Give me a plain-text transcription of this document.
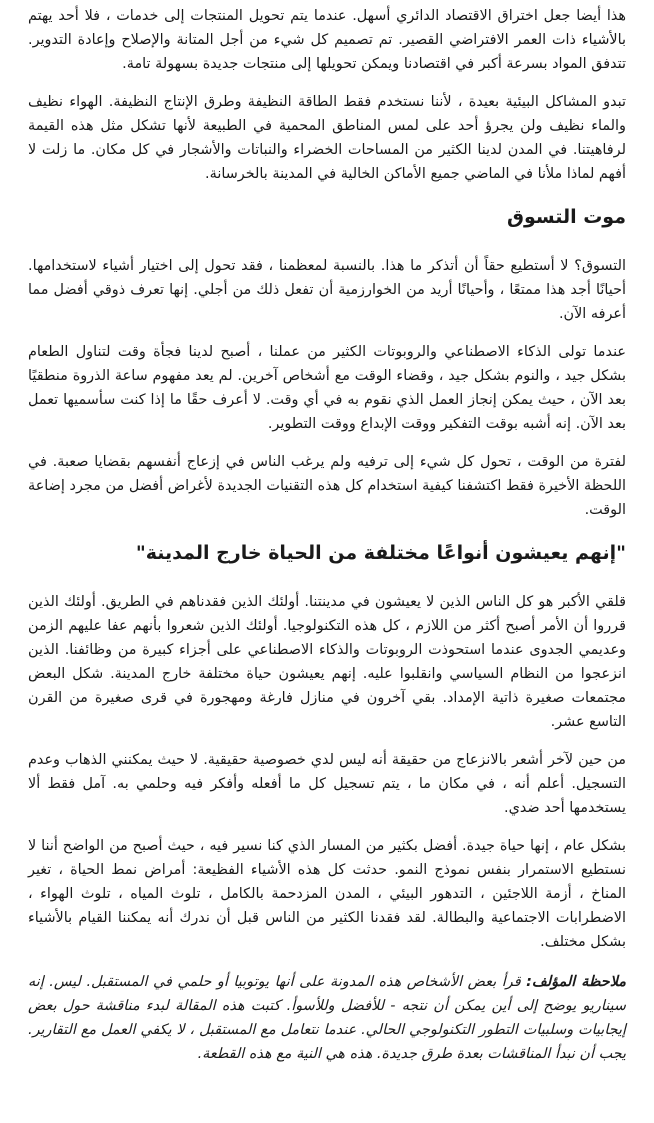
هذا أيضا جعل اختراق الاقتصاد الدائري أسهل. عندما يتم تحويل المنتجات إلى خدمات ، فلا أحد يهتم بالأشياء ذات العمر الافتراضي القصير. تم تصميم كل شيء من أجل المتانة والإصلاح وإعادة التدوير. تتدفق المواد بسرعة أكبر في اقتصادنا ويمكن تحويلها إلى منتجات جديدة بسهولة تامة.

تبدو المشاكل البيئية بعيدة ، لأننا نستخدم فقط الطاقة النظيفة وطرق الإنتاج النظيفة. الهواء نظيف والماء نظيف ولن يجرؤ أحد على لمس المناطق المحمية في الطبيعة لأنها تشكل مثل هذه القيمة لرفاهيتنا. في المدن لدينا الكثير من المساحات الخضراء والنباتات والأشجار في كل مكان. ما زلت لا أفهم لماذا ملأنا في الماضي جميع الأماكن الخالية في المدينة بالخرسانة.

موت التسوق

التسوق؟ لا أستطيع حقاً أن أتذكر ما هذا. بالنسبة لمعظمنا ، فقد تحول إلى اختيار أشياء لاستخدامها. أحيانًا أجد هذا ممتعًا ، وأحيانًا أريد من الخوارزمية أن تفعل ذلك من أجلي. إنها تعرف ذوقي أفضل مما أعرفه الآن.

عندما تولى الذكاء الاصطناعي والروبوتات الكثير من عملنا ، أصبح لدينا فجأة وقت لتناول الطعام بشكل جيد ، والنوم بشكل جيد ، وقضاء الوقت مع أشخاص آخرين. لم يعد مفهوم ساعة الذروة منطقيًا بعد الآن ، حيث يمكن إنجاز العمل الذي نقوم به في أي وقت. لا أعرف حقًا ما إذا كنت سأسميها تعمل بعد الآن. إنه أشبه بوقت التفكير ووقت الإبداع ووقت التطوير.

لفترة من الوقت ، تحول كل شيء إلى ترفيه ولم يرغب الناس في إزعاج أنفسهم بقضايا صعبة. في اللحظة الأخيرة فقط اكتشفنا كيفية استخدام كل هذه التقنيات الجديدة لأغراض أفضل من مجرد إضاعة الوقت.

"إنهم يعيشون أنواعًا مختلفة من الحياة خارج المدينة"

قلقي الأكبر هو كل الناس الذين لا يعيشون في مدينتنا. أولئك الذين فقدناهم في الطريق. أولئك الذين قرروا أن الأمر أصبح أكثر من اللازم ، كل هذه التكنولوجيا. أولئك الذين شعروا بأنهم عفا عليهم الزمن وعديمي الجدوى عندما استحوذت الروبوتات والذكاء الاصطناعي على أجزاء كبيرة من وظائفنا. الذين انزعجوا من النظام السياسي وانقلبوا عليه. إنهم يعيشون حياة مختلفة خارج المدينة. شكل البعض مجتمعات صغيرة ذاتية الإمداد. بقي آخرون في منازل فارغة ومهجورة في قرى صغيرة من القرن التاسع عشر.

من حين لآخر أشعر بالانزعاج من حقيقة أنه ليس لدي خصوصية حقيقية. لا حيث يمكنني الذهاب وعدم التسجيل. أعلم أنه ، في مكان ما ، يتم تسجيل كل ما أفعله وأفكر فيه وحلمي به. آمل فقط ألا يستخدمها أحد ضدي.

بشكل عام ، إنها حياة جيدة. أفضل بكثير من المسار الذي كنا نسير فيه ، حيث أصبح من الواضح أننا لا نستطيع الاستمرار بنفس نموذج النمو. حدثت كل هذه الأشياء الفظيعة: أمراض نمط الحياة ، تغير المناخ ، أزمة اللاجئين ، التدهور البيئي ، المدن المزدحمة بالكامل ، تلوث المياه ، تلوث الهواء ، الاضطرابات الاجتماعية والبطالة. لقد فقدنا الكثير من الناس قبل أن ندرك أنه يمكننا القيام بالأشياء بشكل مختلف.

ملاحظة المؤلف: قرأ بعض الأشخاص هذه المدونة على أنها يوتوبيا أو حلمي في المستقبل. ليس. إنه سيناريو يوضح إلى أين يمكن أن نتجه - للأفضل وللأسوأ. كتبت هذه المقالة لبدء مناقشة حول بعض إيجابيات وسلبيات التطور التكنولوجي الحالي. عندما نتعامل مع المستقبل ، لا يكفي العمل مع التقارير. يجب أن نبدأ المناقشات بعدة طرق جديدة. هذه هي النية مع هذه القطعة.
